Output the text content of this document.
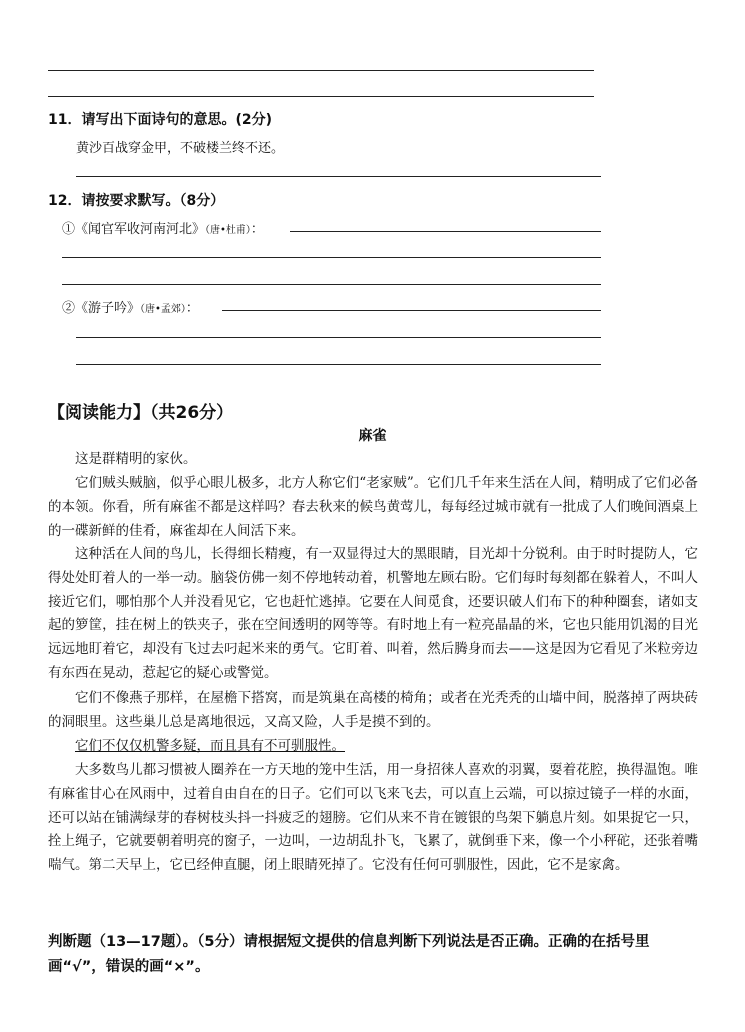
11．请写出下面诗句的意思。(2分)
黄沙百战穿金甲，不破楼兰终不还。
12．请按要求默写。（8分）
①《闻官军收河南河北》（唐•杜甫）：
②《游子吟》（唐•孟郊）：
【阅读能力】（共26分）
麻雀
这是群精明的家伙。
它们贼头贼脑，似乎心眼儿极多，北方人称它们“老家贼”。它们几千年来生活在人间，精明成了它们必备的本领。你看，所有麻雀不都是这样吗？春去秋来的候鸟黄莺儿，每每经过城市就有一批成了人们晚间酒桌上的一碟新鲜的佳肴，麻雀却在人间活下来。
这种活在人间的鸟儿，长得细长精瘦，有一双显得过大的黑眼睛，目光却十分锐利。由于时时提防人，它得处处盯着人的一举一动。脑袋仿佛一刻不停地转动着，机警地左顾右盼。它们每时每刻都在躲着人，不叫人接近它们，哪怕那个人并没看见它，它也赶忙逃掉。它要在人间觅食，还要识破人们布下的种种圈套，诸如支起的箩筐，挂在树上的铁夹子，张在空间透明的网等等。有时地上有一粒亮晶晶的米，它也只能用饥渴的目光远远地盯着它，却没有飞过去叼起米来的勇气。它盯着、叫着，然后腾身而去——这是因为它看见了米粒旁边有东西在晃动，惹起它的疑心或警觉。
它们不像燕子那样，在屋檐下搭窝，而是筑巢在高楼的椅角；或者在光秃秃的山墙中间，脱落掉了两块砖的洞眼里。这些巢儿总是离地很远，又高又险，人手是摸不到的。
它们不仅仅机警多疑，而且具有不可驯服性。
大多数鸟儿都习惯被人圈养在一方天地的笼中生活，用一身招徕人喜欢的羽翼，耍着花腔，换得温饱。唯有麻雀甘心在风雨中，过着自由自在的日子。它们可以飞来飞去，可以直上云端，可以掠过镜子一样的水面，还可以站在铺满绿芽的春树枝头抖一抖疲乏的翅膀。它们从来不肯在镀银的鸟架下躺息片刻。如果捉它一只，拴上绳子，它就要朝着明亮的窗子，一边叫，一边胡乱扑飞，飞累了，就倒垂下来，像一个小秤砣，还张着嘴喘气。第二天早上，它已经伸直腿，闭上眼睛死掉了。它没有任何可驯服性，因此，它不是家禽。
判断题（13—17题）。（5分）请根据短文提供的信息判断下列说法是否正确。正确的在括号里画“√”，错误的画“×”。
